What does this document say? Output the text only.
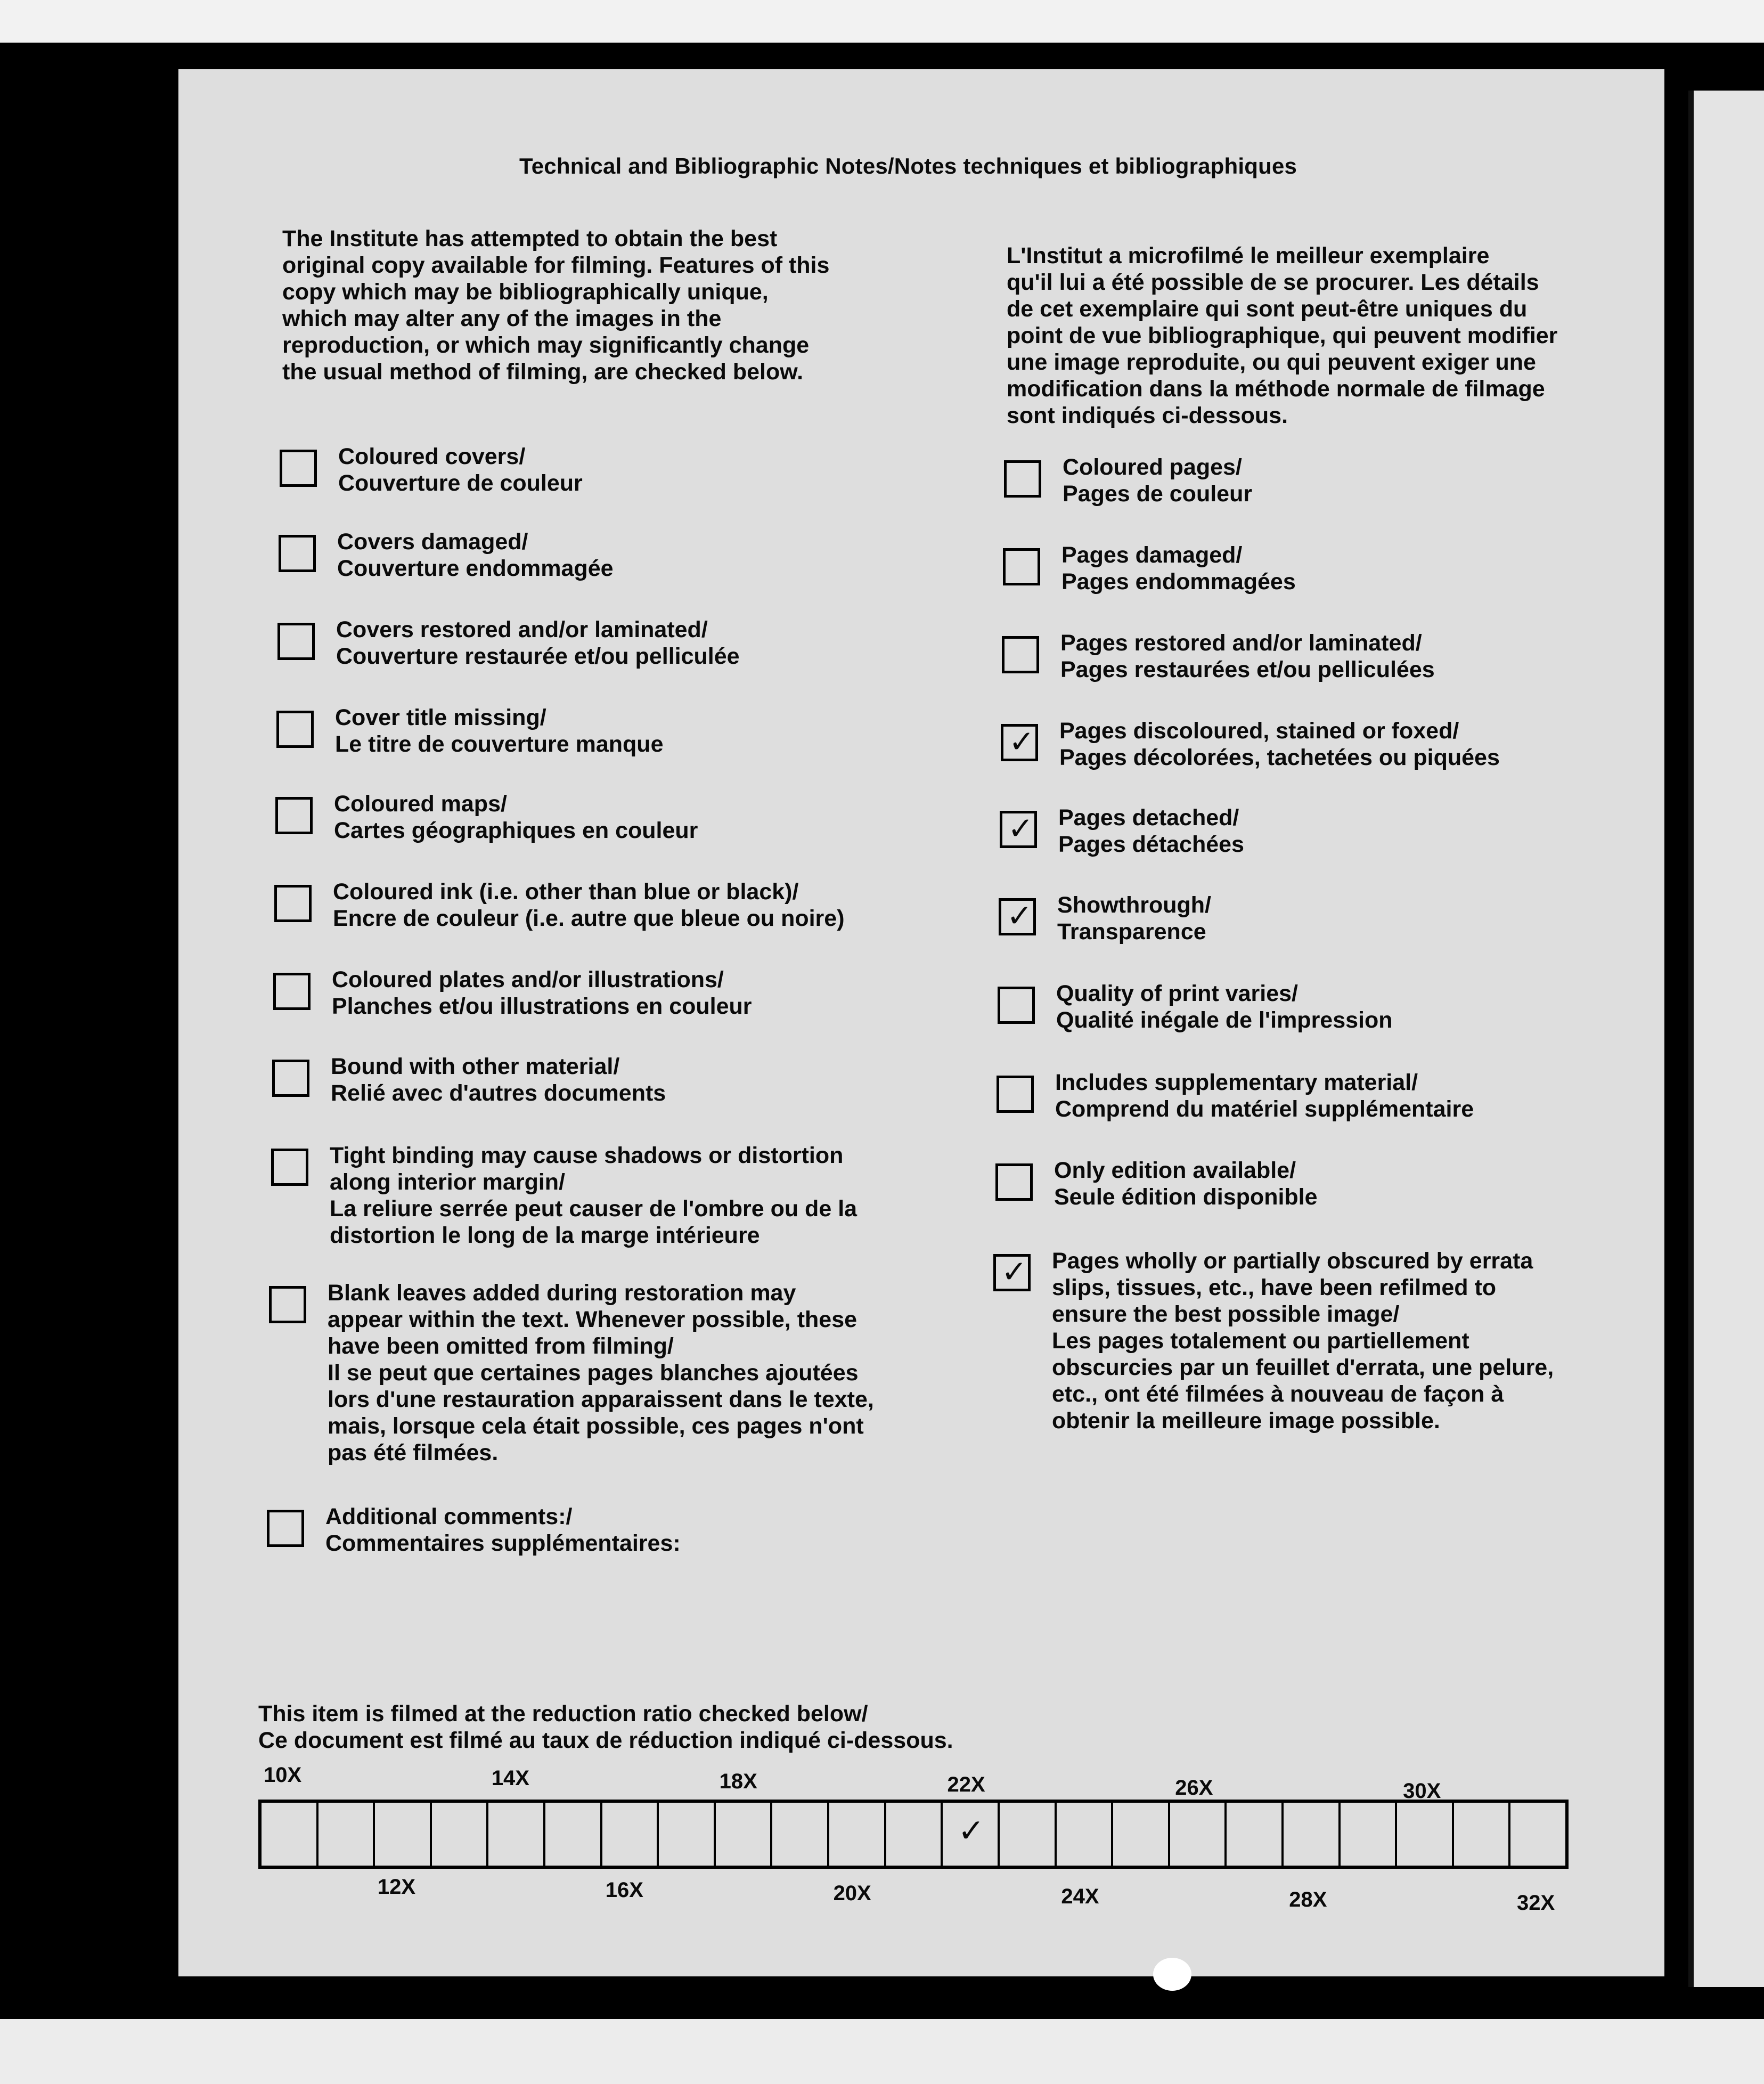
Technical and Bibliographic Notes/Notes techniques et bibliographiques
The Institute has attempted to obtain the best
original copy available for filming. Features of this
copy which may be bibliographically unique,
which may alter any of the images in the
reproduction, or which may significantly change
the usual method of filming, are checked below.
L'Institut a microfilmé le meilleur exemplaire
qu'il lui a été possible de se procurer. Les détails
de cet exemplaire qui sont peut-être uniques du
point de vue bibliographique, qui peuvent modifier
une image reproduite, ou qui peuvent exiger une
modification dans la méthode normale de filmage
sont indiqués ci-dessous.
Coloured covers/
Couverture de couleur
Covers damaged/
Couverture endommagée
Covers restored and/or laminated/
Couverture restaurée et/ou pelliculée
Cover title missing/
Le titre de couverture manque
Coloured maps/
Cartes géographiques en couleur
Coloured ink (i.e. other than blue or black)/
Encre de couleur (i.e. autre que bleue ou noire)
Coloured plates and/or illustrations/
Planches et/ou illustrations en couleur
Bound with other material/
Relié avec d'autres documents
Tight binding may cause shadows or distortion
along interior margin/
La reliure serrée peut causer de l'ombre ou de la
distortion le long de la marge intérieure
Blank leaves added during restoration may
appear within the text. Whenever possible, these
have been omitted from filming/
Il se peut que certaines pages blanches ajoutées
lors d'une restauration apparaissent dans le texte,
mais, lorsque cela était possible, ces pages n'ont
pas été filmées.
Additional comments:/
Commentaires supplémentaires:
Coloured pages/
Pages de couleur
Pages damaged/
Pages endommagées
Pages restored and/or laminated/
Pages restaurées et/ou pelliculées
✓ Pages discoloured, stained or foxed/
Pages décolorées, tachetées ou piquées
✓ Pages detached/
Pages détachées
✓ Showthrough/
Transparence
Quality of print varies/
Qualité inégale de l'impression
Includes supplementary material/
Comprend du matériel supplémentaire
Only edition available/
Seule édition disponible
✓ Pages wholly or partially obscured by errata
slips, tissues, etc., have been refilmed to
ensure the best possible image/
Les pages totalement ou partiellement
obscurcies par un feuillet d'errata, une pelure,
etc., ont été filmées à nouveau de façon à
obtenir la meilleure image possible.
This item is filmed at the reduction ratio checked below/
Ce document est filmé au taux de réduction indiqué ci-dessous.
10X	14X	18X	22X	26X	30X
✓
12X	16X	20X	24X	28X	32X
